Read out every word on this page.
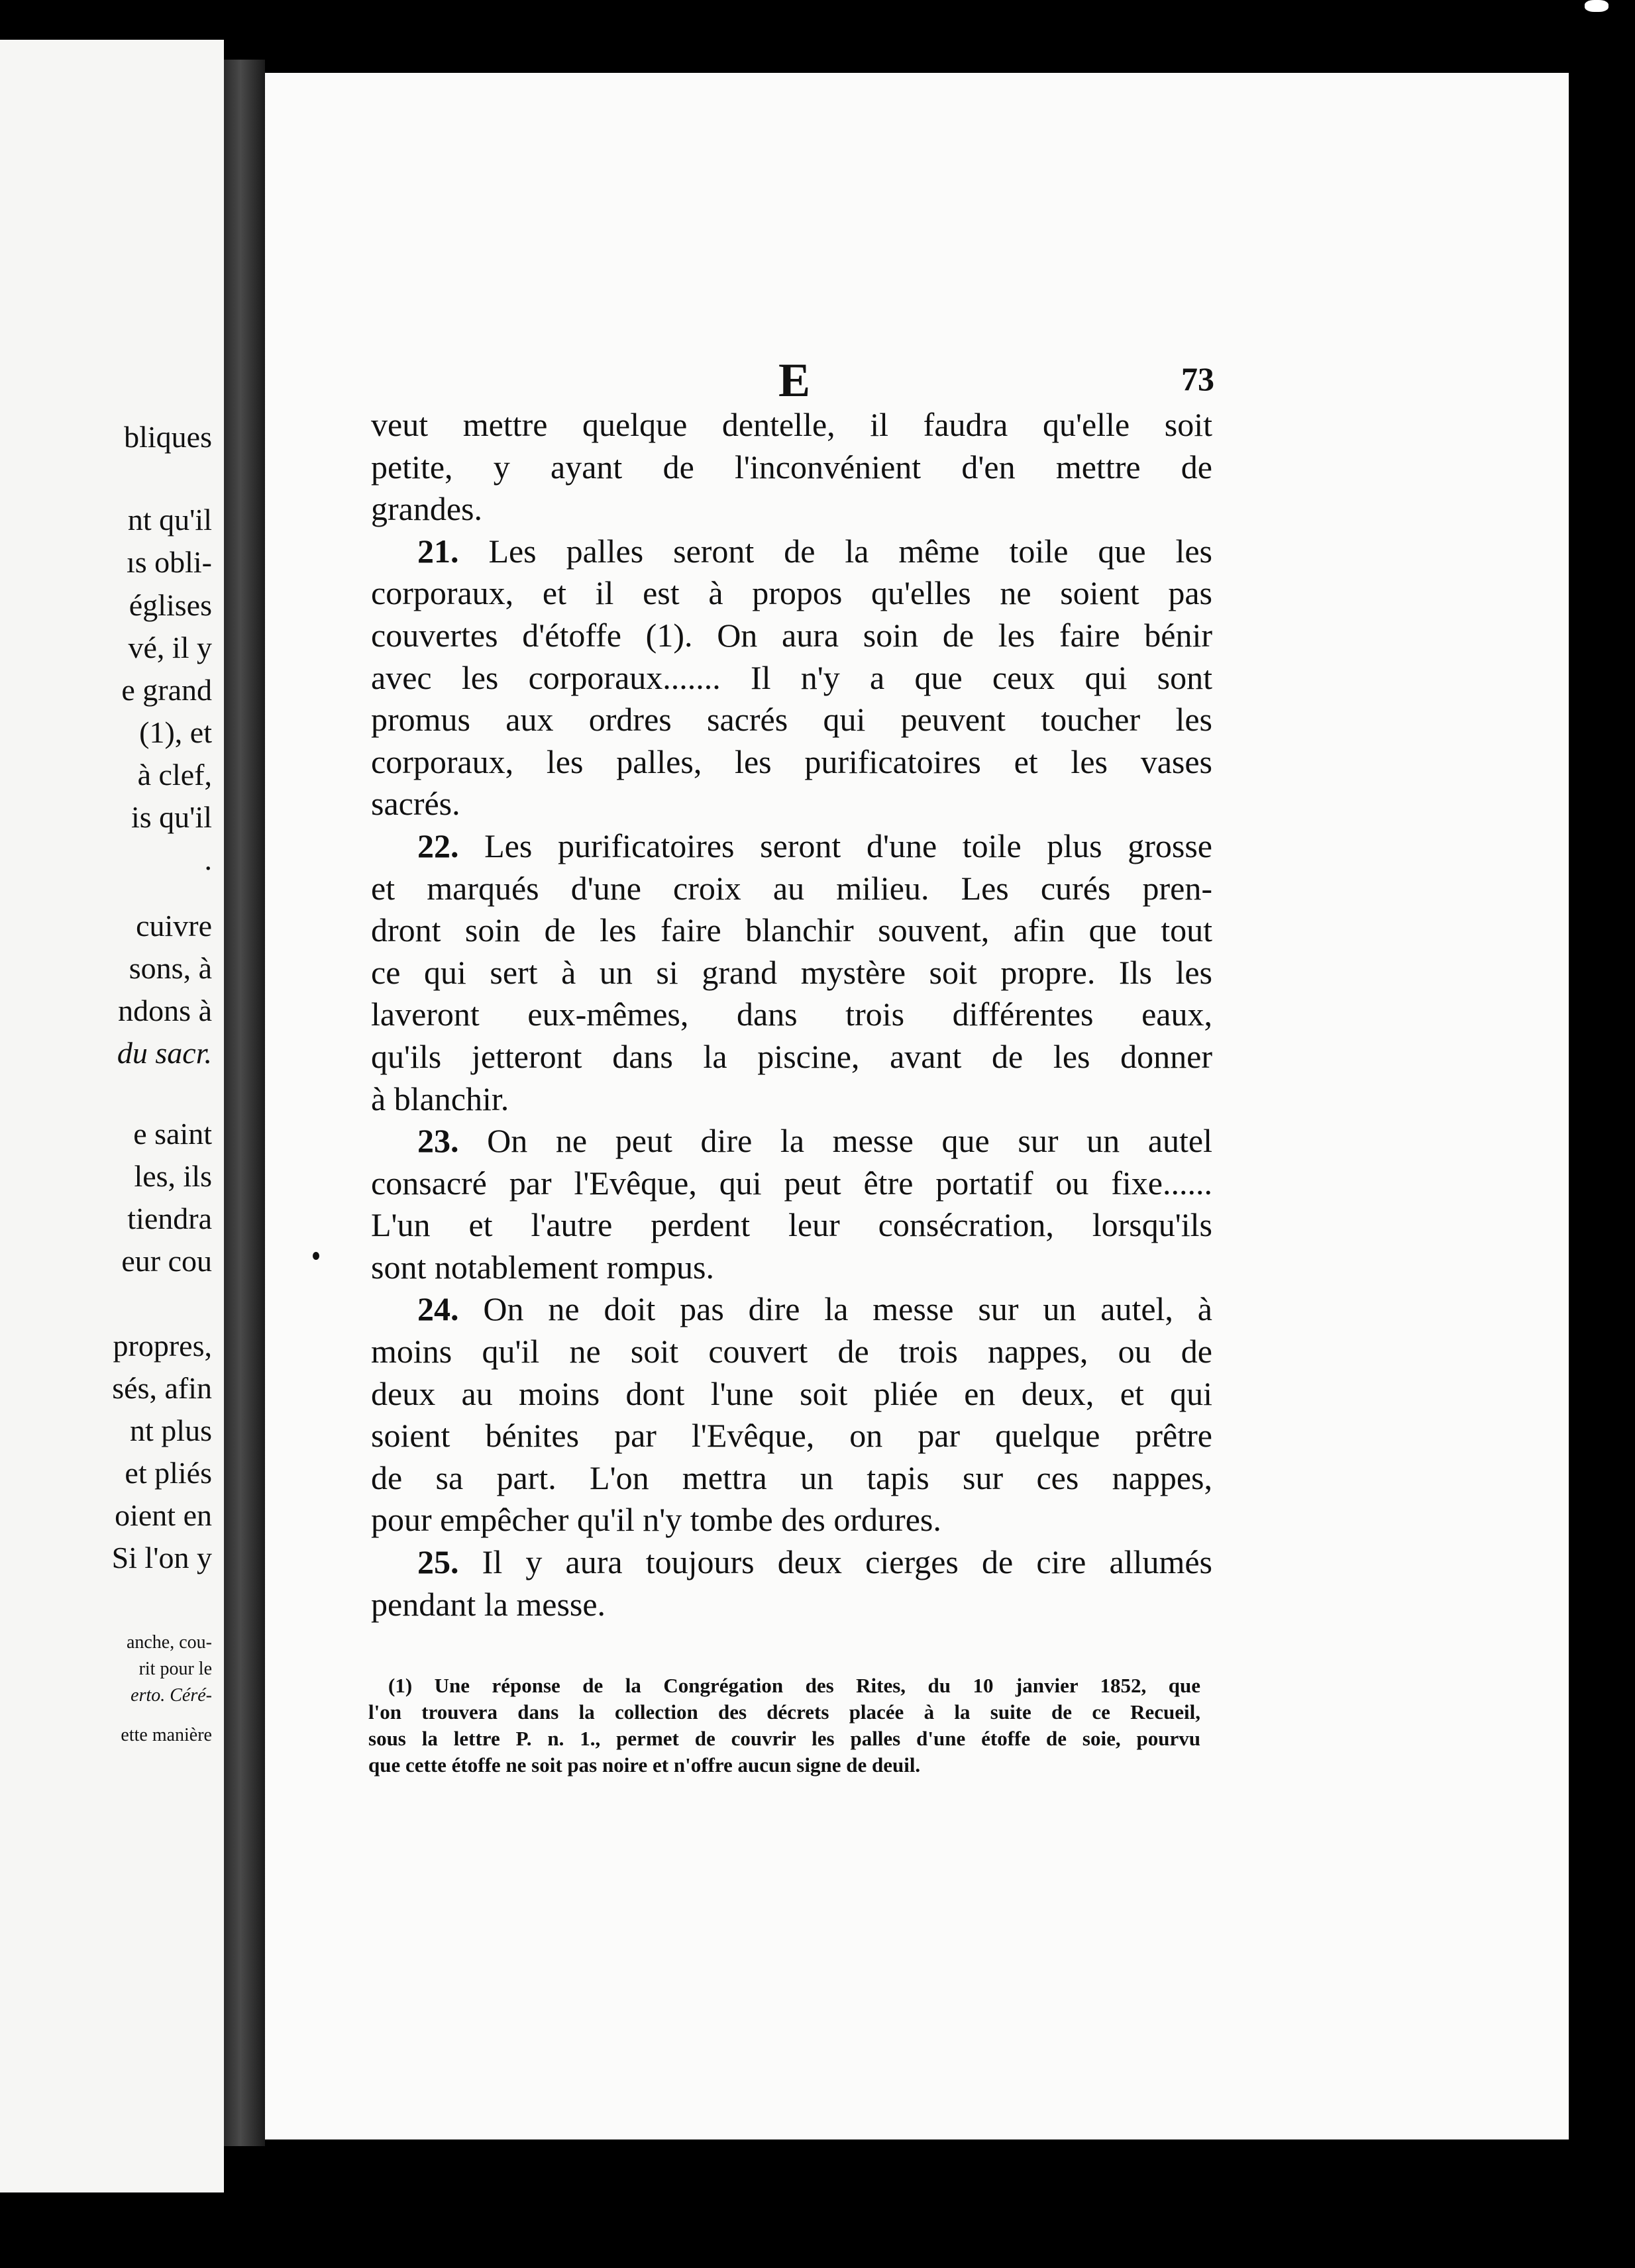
bliques
nt qu'il
ıs obli-
églises
vé, il y
e grand
(1), et
à clef,
is qu'il
.
cuivre
sons, à
ndons à
du sacr.
e saint
les, ils
tiendra
eur cou
propres,
sés, afin
nt plus
et pliés
oient en
Si l'on y
anche, cou-
rit pour le
erto. Céré-
ette manière
E	73
veut mettre quelque dentelle, il faudra qu'elle soit
petite, y ayant de l'inconvénient d'en mettre de
grandes.
21. Les palles seront de la même toile que les
corporaux, et il est à propos qu'elles ne soient pas
couvertes d'étoffe (1). On aura soin de les faire bénir
avec les corporaux....... Il n'y a que ceux qui sont
promus aux ordres sacrés qui peuvent toucher les
corporaux, les palles, les purificatoires et les vases
sacrés.
22. Les purificatoires seront d'une toile plus grosse
et marqués d'une croix au milieu. Les curés pren-
dront soin de les faire blanchir souvent, afin que tout
ce qui sert à un si grand mystère soit propre. Ils les
laveront eux-mêmes, dans trois différentes eaux,
qu'ils jetteront dans la piscine, avant de les donner
à blanchir.
23. On ne peut dire la messe que sur un autel
consacré par l'Evêque, qui peut être portatif ou fixe......
L'un et l'autre perdent leur consécration, lorsqu'ils
sont notablement rompus.
24. On ne doit pas dire la messe sur un autel, à
moins qu'il ne soit couvert de trois nappes, ou de
deux au moins dont l'une soit pliée en deux, et qui
soient bénites par l'Evêque, on par quelque prêtre
de sa part. L'on mettra un tapis sur ces nappes,
pour empêcher qu'il n'y tombe des ordures.
25. Il y aura toujours deux cierges de cire allumés
pendant la messe.
(1) Une réponse de la Congrégation des Rites, du 10 janvier 1852, que
l'on trouvera dans la collection des décrets placée à la suite de ce Recueil,
sous la lettre P. n. 1., permet de couvrir les palles d'une étoffe de soie, pourvu
que cette étoffe ne soit pas noire et n'offre aucun signe de deuil.
